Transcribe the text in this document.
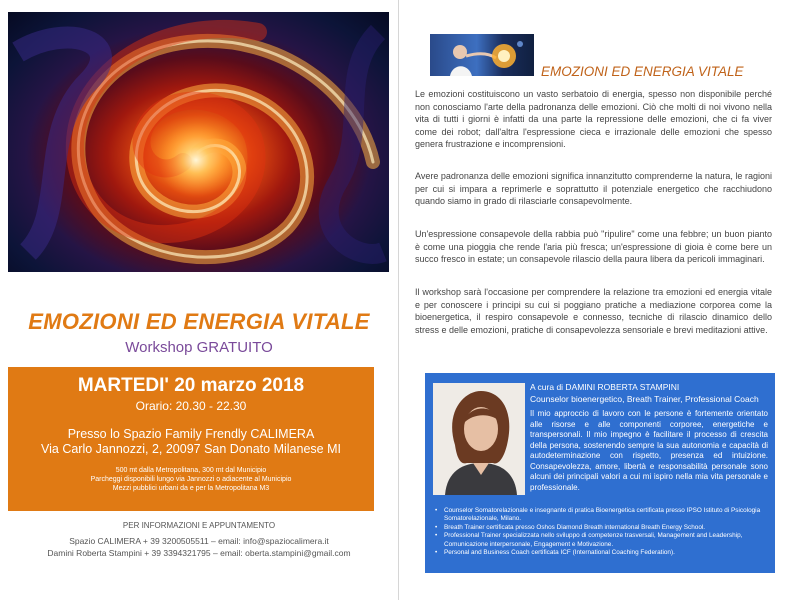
EMOZIONI ED ENERGIA VITALE
Workshop GRATUITO
MARTEDI' 20 marzo 2018
Orario: 20.30 - 22.30
Presso lo Spazio Family Frendly CALIMERA
Via Carlo Jannozzi, 2, 20097 San Donato Milanese MI
500 mt dalla Metropolitana, 300 mt dal Municipio
Parcheggi disponibili lungo via Jannozzi o adiacente al Municipio
Mezzi pubblici urbani da e per la Metropolitana M3
PER INFORMAZIONI E APPUNTAMENTO
Spazio CALIMERA + 39 3200505511 – email: info@spaziocalimera.it
Damini Roberta Stampini + 39 3394321795 – email: oberta.stampini@gmail.com
EMOZIONI ED ENERGIA VITALE

Le emozioni costituiscono un vasto serbatoio di energia, spesso non disponibile perché non conosciamo l'arte della padronanza delle emozioni. Ciò che molti di noi vivono nella vita di tutti i giorni è infatti da una parte la repressione delle emozioni, che ci fa viver come dei robot; dall'altra l'espressione cieca e irrazionale delle emozioni che spesso genera frustrazione e incomprensioni.

Avere padronanza delle emozioni significa innanzitutto comprenderne la natura, le ragioni per cui si impara a reprimerle e soprattutto il potenziale energetico che racchiudono quando siamo in grado di rilasciarle consapevolmente.

Un'espressione consapevole della rabbia può "ripulire" come una febbre; un buon pianto è come una pioggia che rende l'aria più fresca; un'espressione di gioia è come bere un succo fresco in estate; un consapevole rilascio della paura libera da pericoli immaginari.

Il workshop sarà l'occasione per comprendere la relazione tra emozioni ed energia vitale e per conoscere i principi su cui si poggiano pratiche a mediazione corporea come la bioenergetica, il respiro consapevole e connesso, tecniche di rilascio dinamico dello stress e delle emozioni, pratiche di consapevolezza sensoriale e brevi meditazioni attive.

A cura di DAMINI ROBERTA STAMPINI
Counselor bioenergetico, Breath Trainer, Professional Coach
Il mio approccio di lavoro con le persone è fortemente orientato alle risorse e alle componenti corporee, energetiche e transpersonali. Il mio impegno è facilitare il processo di crescita della persona, sostenendo sempre la sua autonomia e capacità di autodeterminazione con rispetto, presenza ed intuizione. Consapevolezza, amore, libertà e responsabilità personale sono alcuni dei principali valori a cui mi ispiro nella mia vita personale e professionale.
• Counselor Somatorelazionale e insegnante di pratica Bioenergetica certificata presso IPSO Istituto di Psicologia Somatorelazionale, Milano.
• Breath Trainer certificata presso Oshos Diamond Breath international Breath Energy School.
• Professional Trainer specializzata nello sviluppo di competenze trasversali, Management and Leadership, Comunicazione interpersonale, Engagement e Motivazione.
• Personal and Business Coach certificata ICF (International Coaching Federation).
